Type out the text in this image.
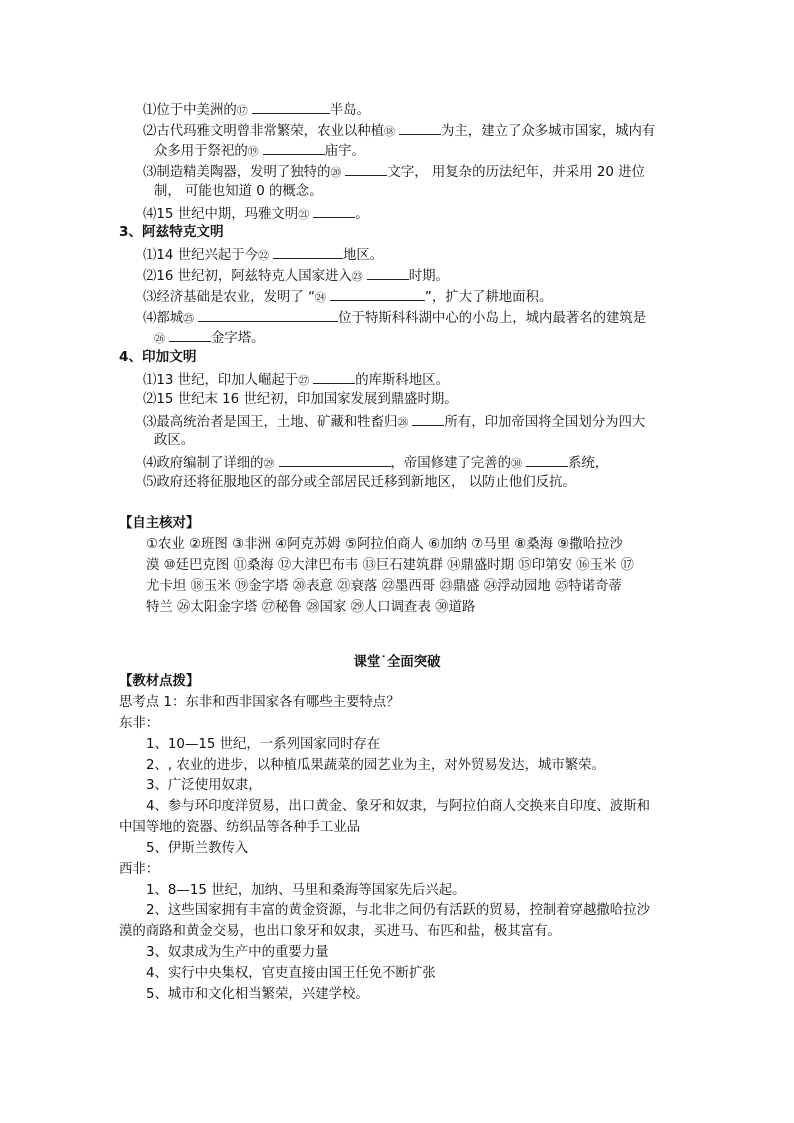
⑴位于中美洲的⑰	半岛。
⑵古代玛雅文明曾非常繁荣，农业以种植⑱	为主，建立了众多城市国家，城内有
众多用于祭祀的⑲	庙宇。
⑶制造精美陶器，发明了独特的⑳	文字， 用复杂的历法纪年，并采用 20 进位
制， 可能也知道 0 的概念。
⑷15 世纪中期，玛雅文明㉑	。
3、阿兹特克文明
⑴14 世纪兴起于今㉒	地区。
⑵16 世纪初，阿兹特克人国家进入㉓	时期。
⑶经济基础是农业，发明了 “㉔	”，扩大了耕地面积。
⑷都城㉕	位于特斯科科湖中心的小岛上，城内最著名的建筑是
㉖	金字塔。
4、印加文明
⑴13 世纪，印加人崛起于㉗	的库斯科地区。
⑵15 世纪末 16 世纪初，印加国家发展到鼎盛时期。
⑶最高统治者是国王，土地、矿藏和牲畜归㉘	所有，印加帝国将全国划分为四大
政区。
⑷政府编制了详细的㉙	，帝国修建了完善的㉚	系统，
⑸政府还将征服地区的部分或全部居民迁移到新地区， 以防止他们反抗。
【自主核对】
①农业 ②班图 ③非洲 ④阿克苏姆 ⑤阿拉伯商人 ⑥加纳 ⑦马里 ⑧桑海 ⑨撒哈拉沙
漠 ⑩廷巴克图 ⑪桑海 ⑫大津巴布韦 ⑬巨石建筑群 ⑭鼎盛时期 ⑮印第安 ⑯玉米 ⑰
尤卡坦 ⑱玉米 ⑲金字塔 ⑳表意 ㉑衰落 ㉒墨西哥 ㉓鼎盛 ㉔浮动园地 ㉕特诺奇蒂
特兰 ㉖太阳金字塔 ㉗秘鲁 ㉘国家 ㉙人口调查表 ㉚道路
课堂˙全面突破
【教材点拨】
思考点 1：东非和西非国家各有哪些主要特点？
东非：
1、10—15 世纪，一系列国家同时存在
2、, 农业的进步，以种植瓜果蔬菜的园艺业为主，对外贸易发达，城市繁荣。
3、广泛使用奴隶，
4、参与环印度洋贸易，出口黄金、象牙和奴隶，与阿拉伯商人交换来自印度、波斯和
中国等地的瓷器、纺织品等各种手工业品
5、伊斯兰教传入
西非：
1、8—15 世纪，加纳、马里和桑海等国家先后兴起。
2、这些国家拥有丰富的黄金资源，与北非之间仍有活跃的贸易，控制着穿越撒哈拉沙
漠的商路和黄金交易，也出口象牙和奴隶，买进马、布匹和盐，极其富有。
3、奴隶成为生产中的重要力量
4、实行中央集权，官吏直接由国王任免不断扩张
5、城市和文化相当繁荣，兴建学校。
